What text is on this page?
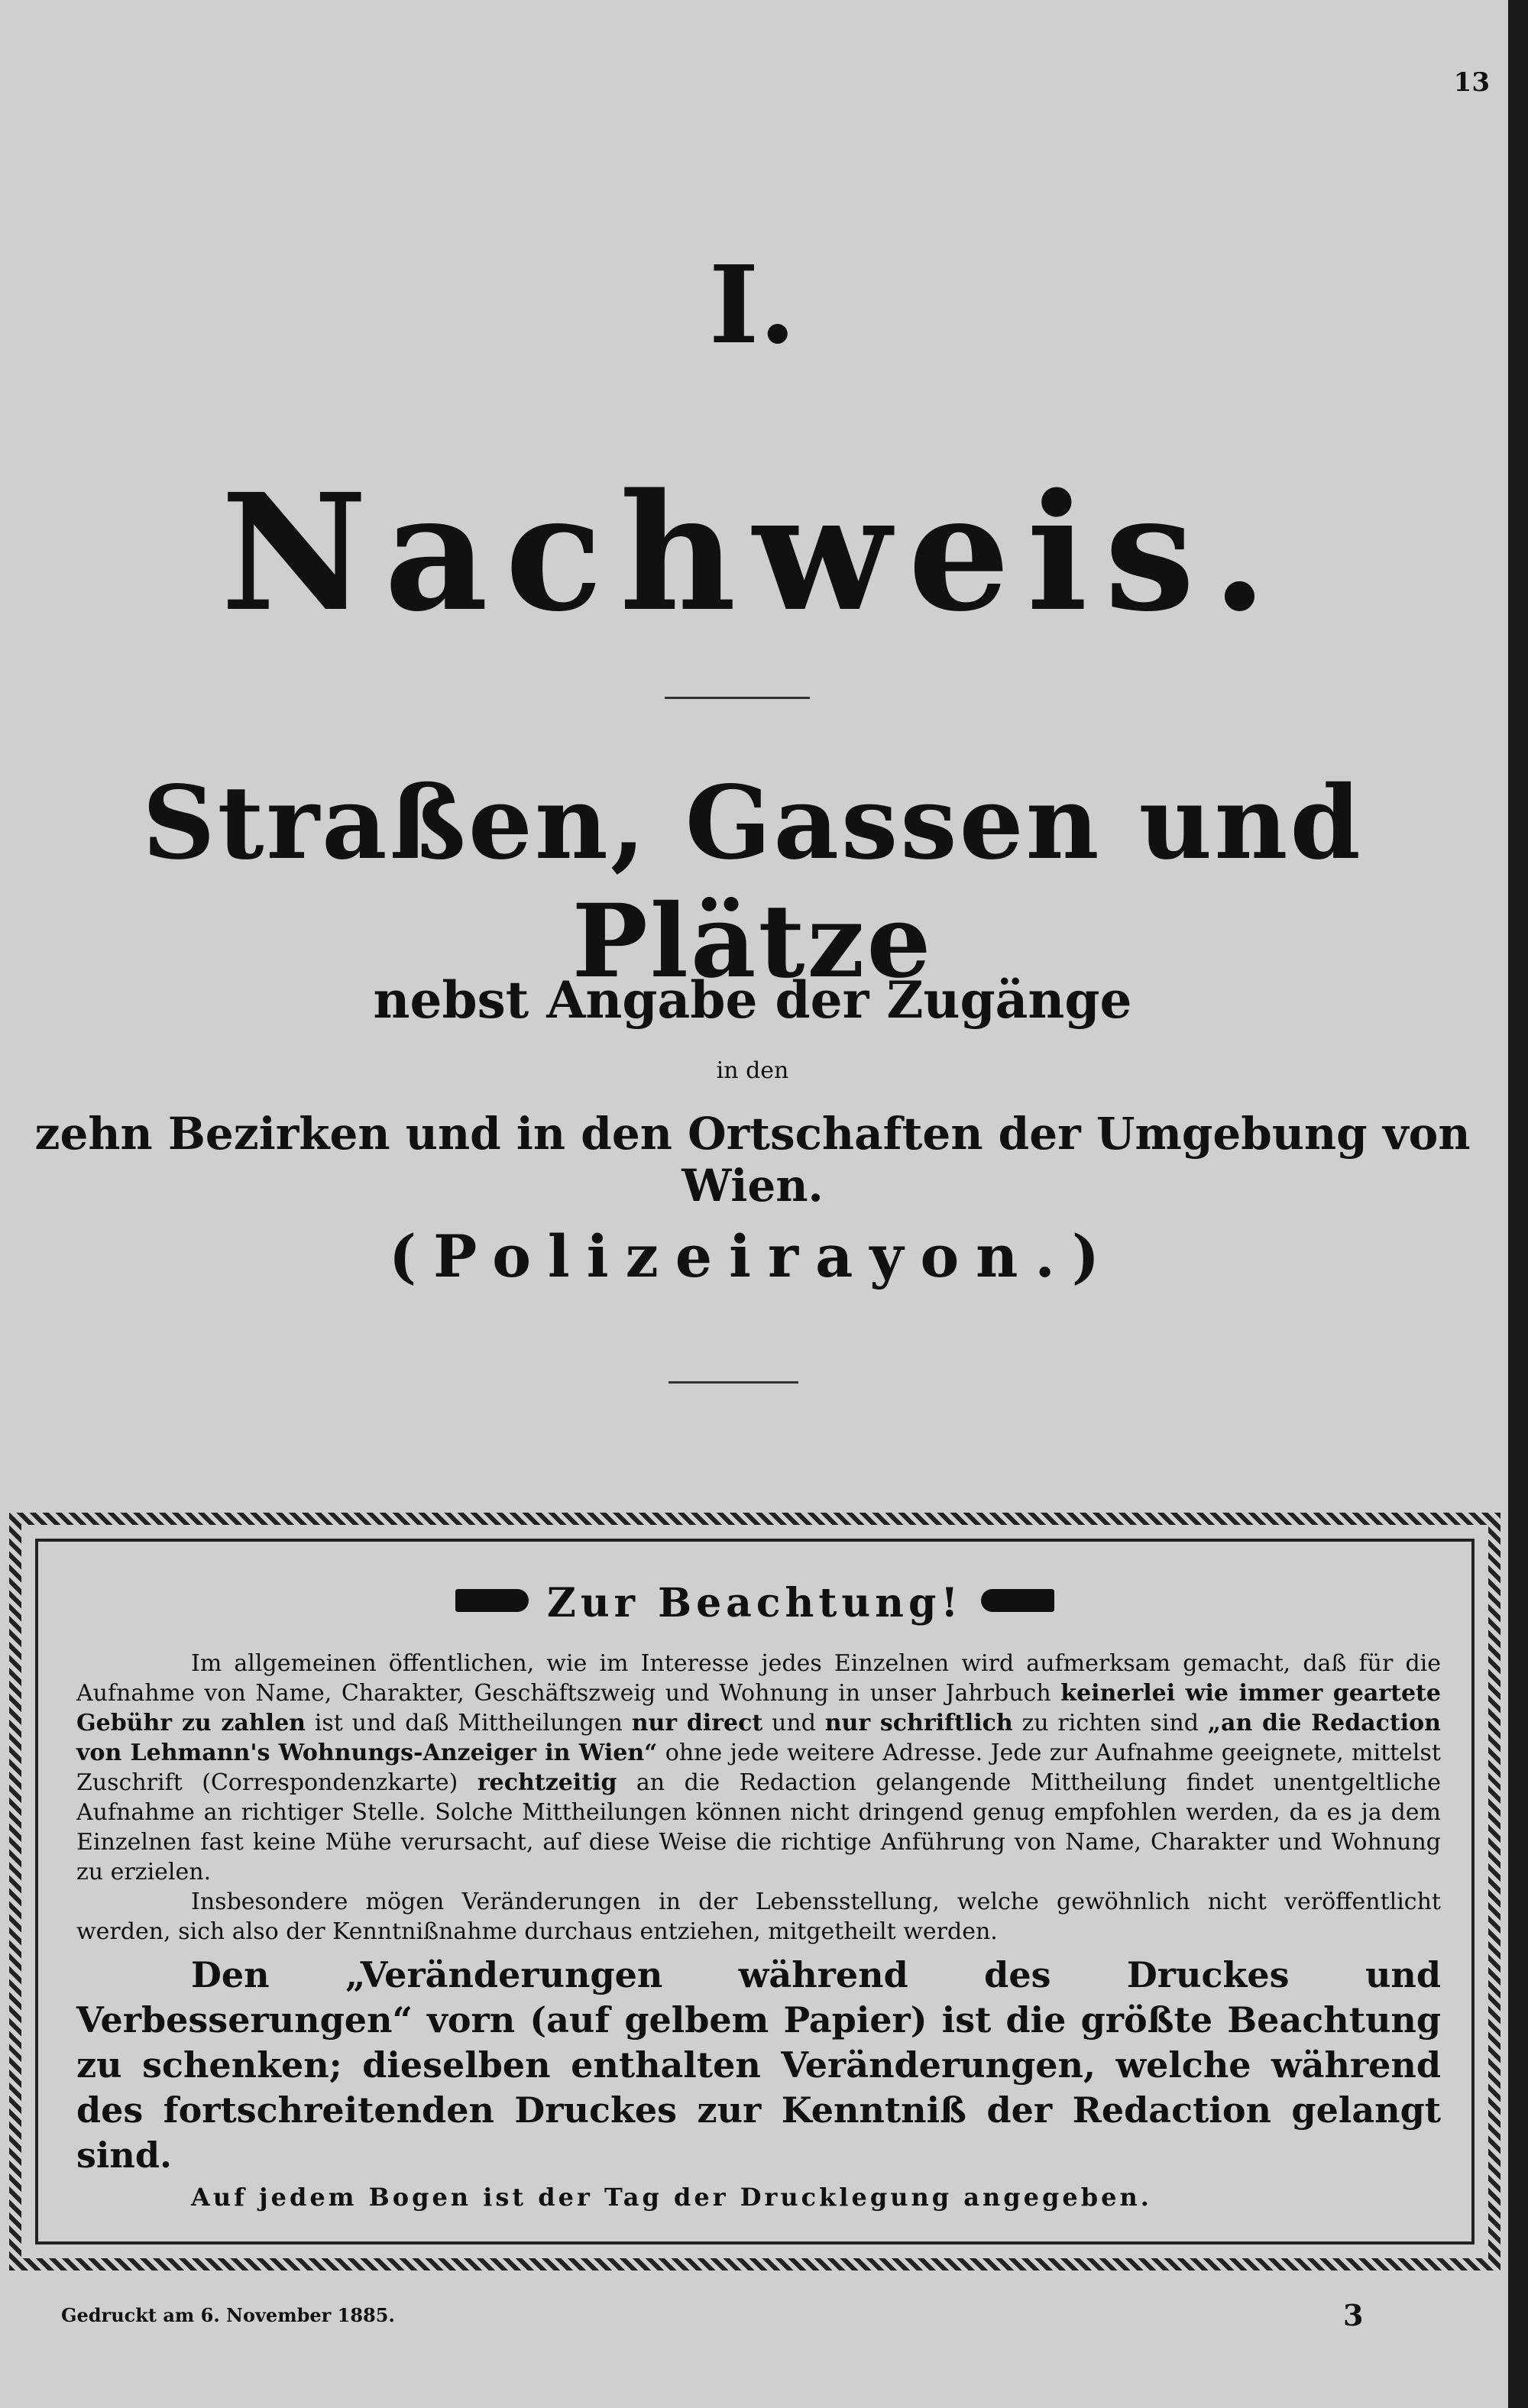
13
I.
Nachweis.
Straßen, Gassen und Plätze
nebst Angabe der Zugänge
in den
zehn Bezirken und in den Ortschaften der Umgebung von Wien.
(Polizeirayon.)
Zur Beachtung!

Im allgemeinen öffentlichen, wie im Interesse jedes Einzelnen wird aufmerksam gemacht, daß für die Aufnahme von Name, Charakter, Geschäftszweig und Wohnung in unser Jahrbuch keinerlei wie immer geartete Gebühr zu zahlen ist und daß Mittheilungen nur direct und nur schriftlich zu richten sind „an die Redaction von Lehmann's Wohnungs-Anzeiger in Wien“ ohne jede weitere Adresse. Jede zur Aufnahme geeignete, mittelst Zuschrift (Correspondenzkarte) rechtzeitig an die Redaction gelangende Mittheilung findet unentgeltliche Aufnahme an richtiger Stelle. Solche Mittheilungen können nicht dringend genug empfohlen werden, da es ja dem Einzelnen fast keine Mühe verursacht, auf diese Weise die richtige Anführung von Name, Charakter und Wohnung zu erzielen.

Insbesondere mögen Veränderungen in der Lebensstellung, welche gewöhnlich nicht veröffentlicht werden, sich also der Kenntnißnahme durchaus entziehen, mitgetheilt werden.

Den „Veränderungen während des Druckes und Verbesserungen“ vorn (auf gelbem Papier) ist die größte Beachtung zu schenken; dieselben enthalten Veränderungen, welche während des fortschreitenden Druckes zur Kenntniß der Redaction gelangt sind.

Auf jedem Bogen ist der Tag der Drucklegung angegeben.

Gedruckt am 6. November 1885.	3
